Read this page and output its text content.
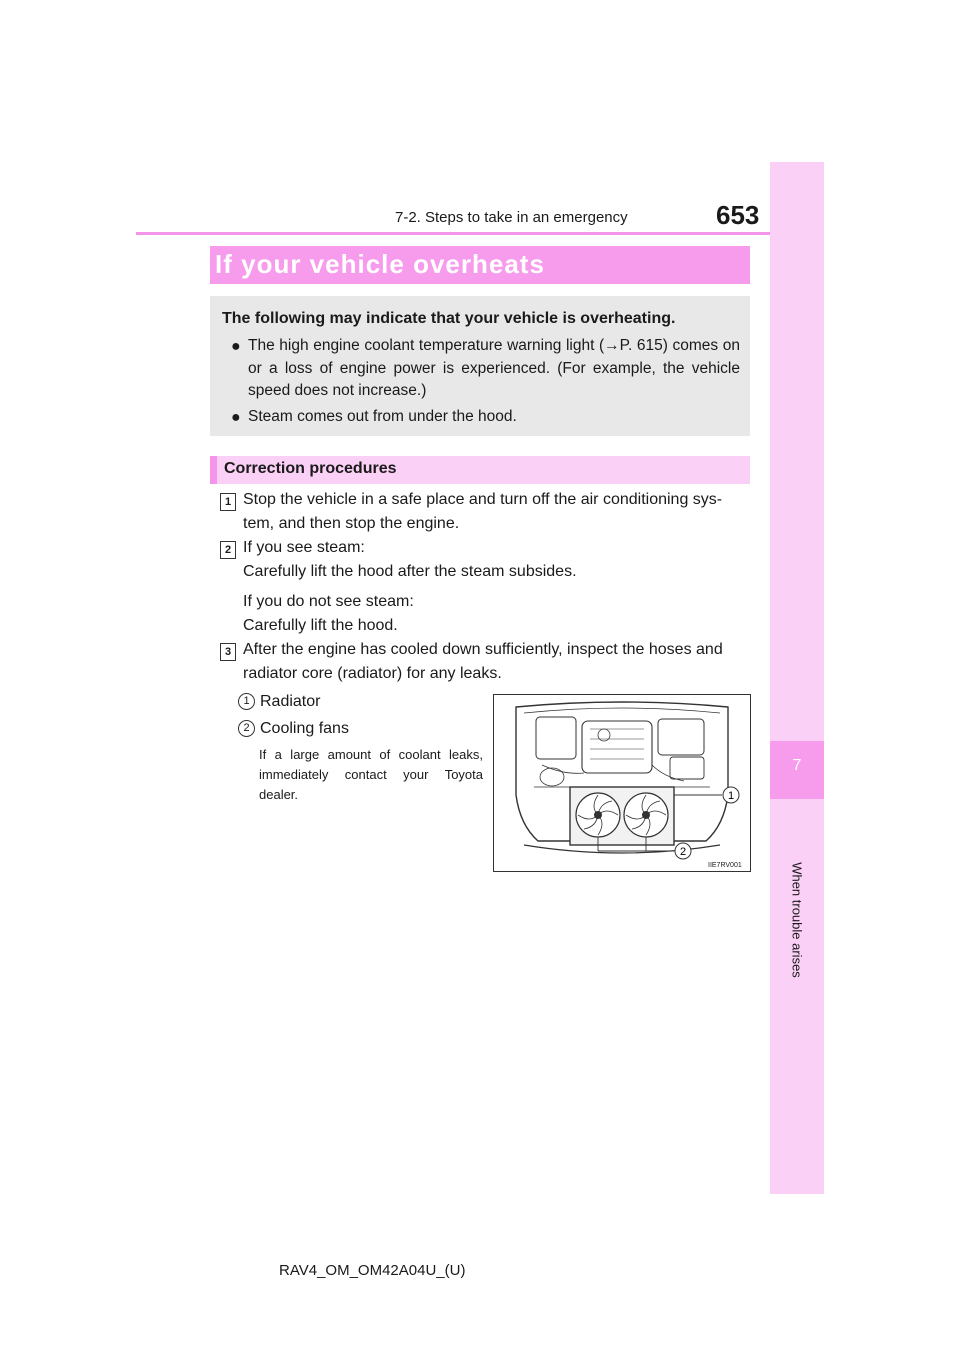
7-2. Steps to take in an emergency	653
7
When trouble arises
If your vehicle overheats
The following may indicate that your vehicle is overheating.
● The high engine coolant temperature warning light (→P. 615) comes on or a loss of engine power is experienced. (For example, the vehicle speed does not increase.)
● Steam comes out from under the hood.
Correction procedures
1 Stop the vehicle in a safe place and turn off the air conditioning sys- tem, and then stop the engine.
2 If you see steam:
Carefully lift the hood after the steam subsides.
If you do not see steam:
Carefully lift the hood.
3 After the engine has cooled down sufficiently, inspect the hoses and radiator core (radiator) for any leaks.
1 Radiator
2 Cooling fans
If a large amount of coolant leaks, immediately contact your Toyota dealer.	1
2
IIE7RV001
RAV4_OM_OM42A04U_(U)
